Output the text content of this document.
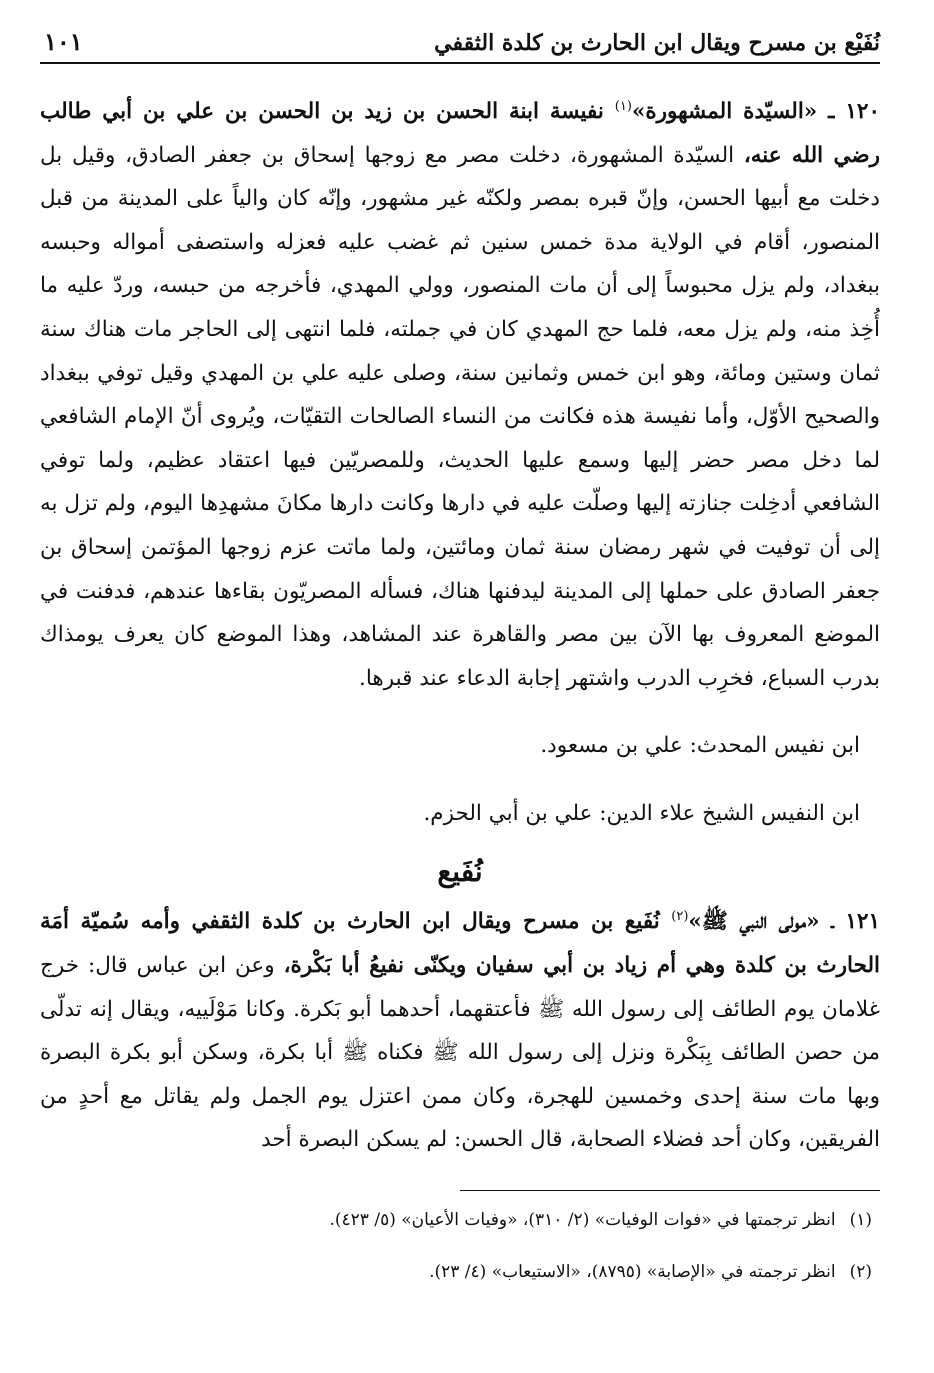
نُفَيْع بن مسرح ويقال ابن الحارث بن كلدة الثقفي
١٠١

١٢٠ ـ «السيّدة المشهورة»$^{(١)}$ نفيسة ابنة الحسن بن زيد بن الحسن بن علي بن أبي طالب رضي الله عنه، السيّدة المشهورة، دخلت مصر مع زوجها إسحاق بن جعفر الصادق، وقيل بل دخلت مع أبيها الحسن، وإنّ قبره بمصر ولكنّه غير مشهور، وإنّه كان والياً على المدينة من قبل المنصور، أقام في الولاية مدة خمس سنين ثم غضب عليه فعزله واستصفى أمواله وحبسه ببغداد، ولم يزل محبوساً إلى أن مات المنصور، وولي المهدي، فأخرجه من حبسه، وردّ عليه ما أُخِذ منه، ولم يزل معه، فلما حج المهدي كان في جملته، فلما انتهى إلى الحاجر مات هناك سنة ثمان وستين ومائة، وهو ابن خمس وثمانين سنة، وصلى عليه علي بن المهدي وقيل توفي ببغداد والصحيح الأوّل، وأما نفيسة هذه فكانت من النساء الصالحات التقيّات، ويُروى أنّ الإمام الشافعي لما دخل مصر حضر إليها وسمع عليها الحديث، وللمصريّين فيها اعتقاد عظيم، ولما توفي الشافعي أدخِلت جنازته إليها وصلّت عليه في دارها وكانت دارها مكانَ مشهدِها اليوم، ولم تزل به إلى أن توفيت في شهر رمضان سنة ثمان ومائتين، ولما ماتت عزم زوجها المؤتمن إسحاق بن جعفر الصادق على حملها إلى المدينة ليدفنها هناك، فسأله المصريّون بقاءها عندهم، فدفنت في الموضع المعروف بها الآن بين مصر والقاهرة عند المشاهد، وهذا الموضع كان يعرف يومذاك بدرب السباع، فخرِب الدرب واشتهر إجابة الدعاء عند قبرها.

ابن نفيس المحدث: علي بن مسعود.

ابن النفيس الشيخ علاء الدين: علي بن أبي الحزم.

نُفَيع

١٢١ ـ «مولى النبي ﷺ»$^{(٢)}$ نُفَيع بن مسرح ويقال ابن الحارث بن كلدة الثقفي وأمه سُميّة أمَة الحارث بن كلدة وهي أم زياد بن أبي سفيان ويكنّى نفيعُ أبا بَكْرة، وعن ابن عباس قال: خرج غلامان يوم الطائف إلى رسول الله ﷺ فأعتقهما، أحدهما أبو بَكرة. وكانا مَوْلَييه، ويقال إنه تدلّى من حصن الطائف بِبَكْرة ونزل إلى رسول الله ﷺ فكناه ﷺ أبا بكرة، وسكن أبو بكرة البصرة وبها مات سنة إحدى وخمسين للهجرة، وكان ممن اعتزل يوم الجمل ولم يقاتل مع أحدٍ من الفريقين، وكان أحد فضلاء الصحابة، قال الحسن: لم يسكن البصرة أحد

(١)انظر ترجمتها في «فوات الوفيات» (٢/ ٣١٠)، «وفيات الأعيان» (٥/ ٤٢٣).

(٢)انظر ترجمته في «الإصابة» (٨٧٩٥)، «الاستيعاب» (٤/ ٢٣).
